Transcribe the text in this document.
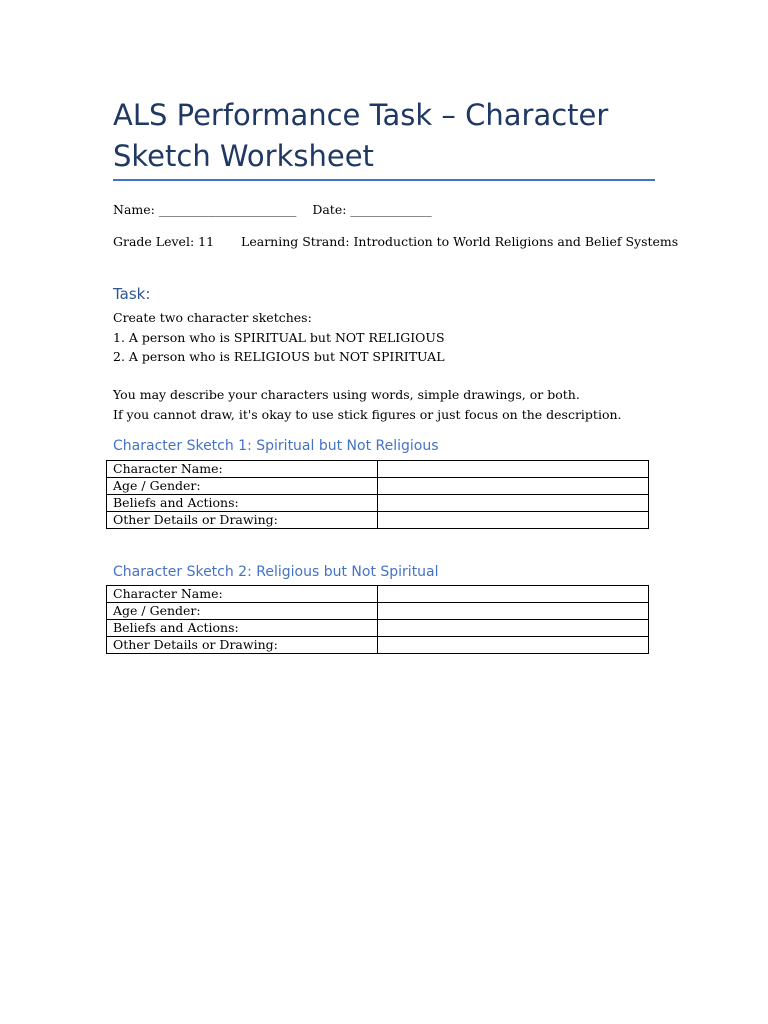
ALS Performance Task – Character Sketch Worksheet
Name: ______________________ Date: _____________
Grade Level: 11 Learning Strand: Introduction to World Religions and Belief Systems
Task:
Create two character sketches:
1. A person who is SPIRITUAL but NOT RELIGIOUS
2. A person who is RELIGIOUS but NOT SPIRITUAL
You may describe your characters using words, simple drawings, or both.
If you cannot draw, it's okay to use stick figures or just focus on the description.
Character Sketch 1: Spiritual but Not Religious
Character Name:	
Age / Gender:	
Beliefs and Actions:	
Other Details or Drawing:	
Character Sketch 2: Religious but Not Spiritual
Character Name:	
Age / Gender:	
Beliefs and Actions:	
Other Details or Drawing:	
